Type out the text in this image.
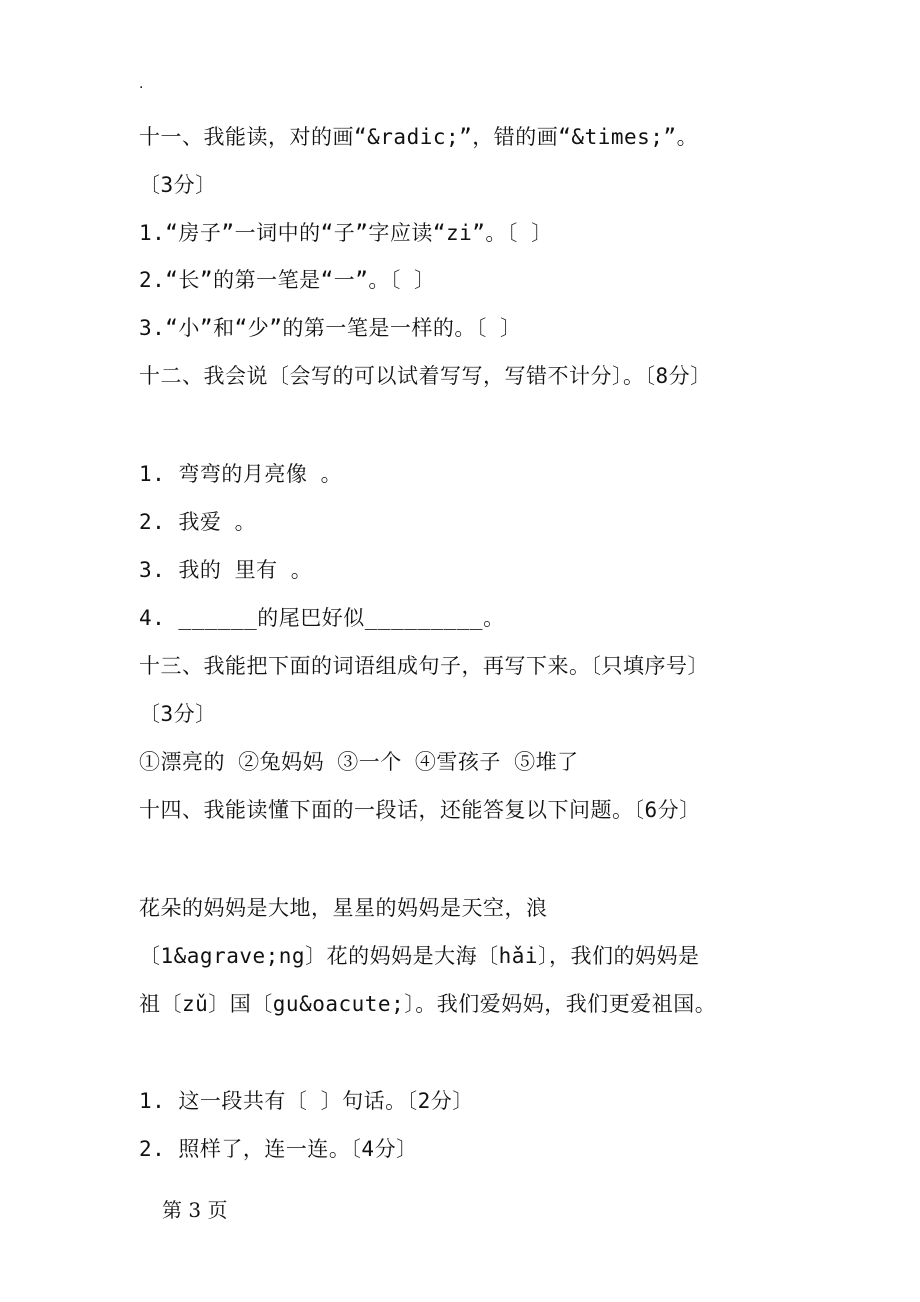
.
十一、我能读，对的画“&radic;”，错的画“&times;”。
〔3分〕
1.“房子”一词中的“子”字应读“zi”。〔 〕
2.“长”的第一笔是“一”。〔 〕
3.“小”和“少”的第一笔是一样的。〔 〕
十二、我会说〔会写的可以试着写写，写错不计分〕。〔8分〕
1. 弯弯的月亮像 。
2. 我爱 。
3. 我的 里有 。
4. ______的尾巴好似_________。
十三、我能把下面的词语组成句子，再写下来。〔只填序号〕
〔3分〕
①漂亮的 ②兔妈妈 ③一个 ④雪孩子 ⑤堆了
十四、我能读懂下面的一段话，还能答复以下问题。〔6分〕
花朵的妈妈是大地，星星的妈妈是天空，浪
〔1&agrave;ng〕花的妈妈是大海〔hǎi〕，我们的妈妈是
祖〔zǔ〕国〔gu&oacute;〕。我们爱妈妈，我们更爱祖国。
1. 这一段共有〔 〕句话。〔2分〕
2. 照样了，连一连。〔4分〕
第 3 页
